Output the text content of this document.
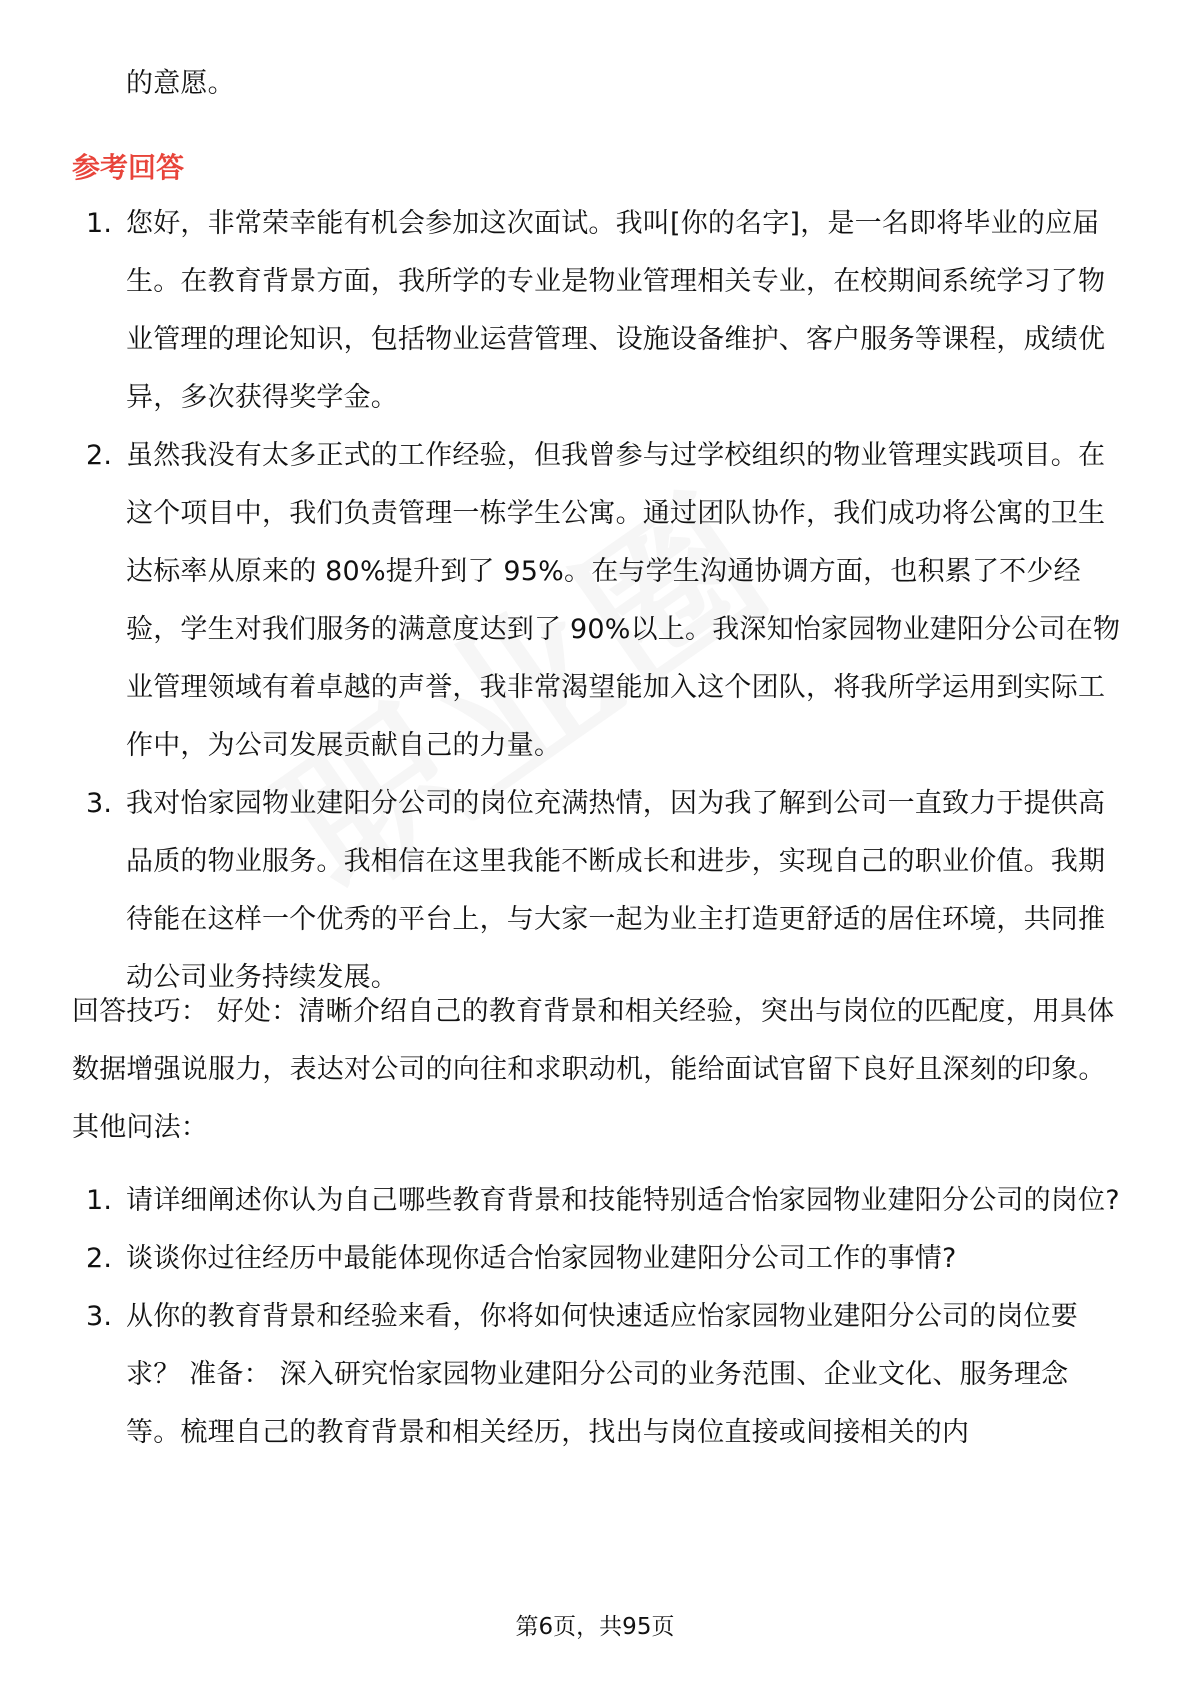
的意愿。
参考回答
1. 您好，非常荣幸能有机会参加这次面试。我叫[你的名字]，是一名即将毕业的应届生。在教育背景方面，我所学的专业是物业管理相关专业，在校期间系统学习了物业管理的理论知识，包括物业运营管理、设施设备维护、客户服务等课程，成绩优异，多次获得奖学金。
2. 虽然我没有太多正式的工作经验，但我曾参与过学校组织的物业管理实践项目。在这个项目中，我们负责管理一栋学生公寓。通过团队协作，我们成功将公寓的卫生达标率从原来的 80%提升到了 95%。在与学生沟通协调方面，也积累了不少经验，学生对我们服务的满意度达到了 90%以上。我深知怡家园物业建阳分公司在物业管理领域有着卓越的声誉，我非常渴望能加入这个团队，将我所学运用到实际工作中，为公司发展贡献自己的力量。
3. 我对怡家园物业建阳分公司的岗位充满热情，因为我了解到公司一直致力于提供高品质的物业服务。我相信在这里我能不断成长和进步，实现自己的职业价值。我期待能在这样一个优秀的平台上，与大家一起为业主打造更舒适的居住环境，共同推动公司业务持续发展。
回答技巧： 好处：清晰介绍自己的教育背景和相关经验，突出与岗位的匹配度，用具体数据增强说服力，表达对公司的向往和求职动机，能给面试官留下良好且深刻的印象。 其他问法：
1. 请详细阐述你认为自己哪些教育背景和技能特别适合怡家园物业建阳分公司的岗位?
2. 谈谈你过往经历中最能体现你适合怡家园物业建阳分公司工作的事情?
3. 从你的教育背景和经验来看，你将如何快速适应怡家园物业建阳分公司的岗位要求？ 准备： 深入研究怡家园物业建阳分公司的业务范围、企业文化、服务理念等。梳理自己的教育背景和相关经历，找出与岗位直接或间接相关的内
第6页，共95页
